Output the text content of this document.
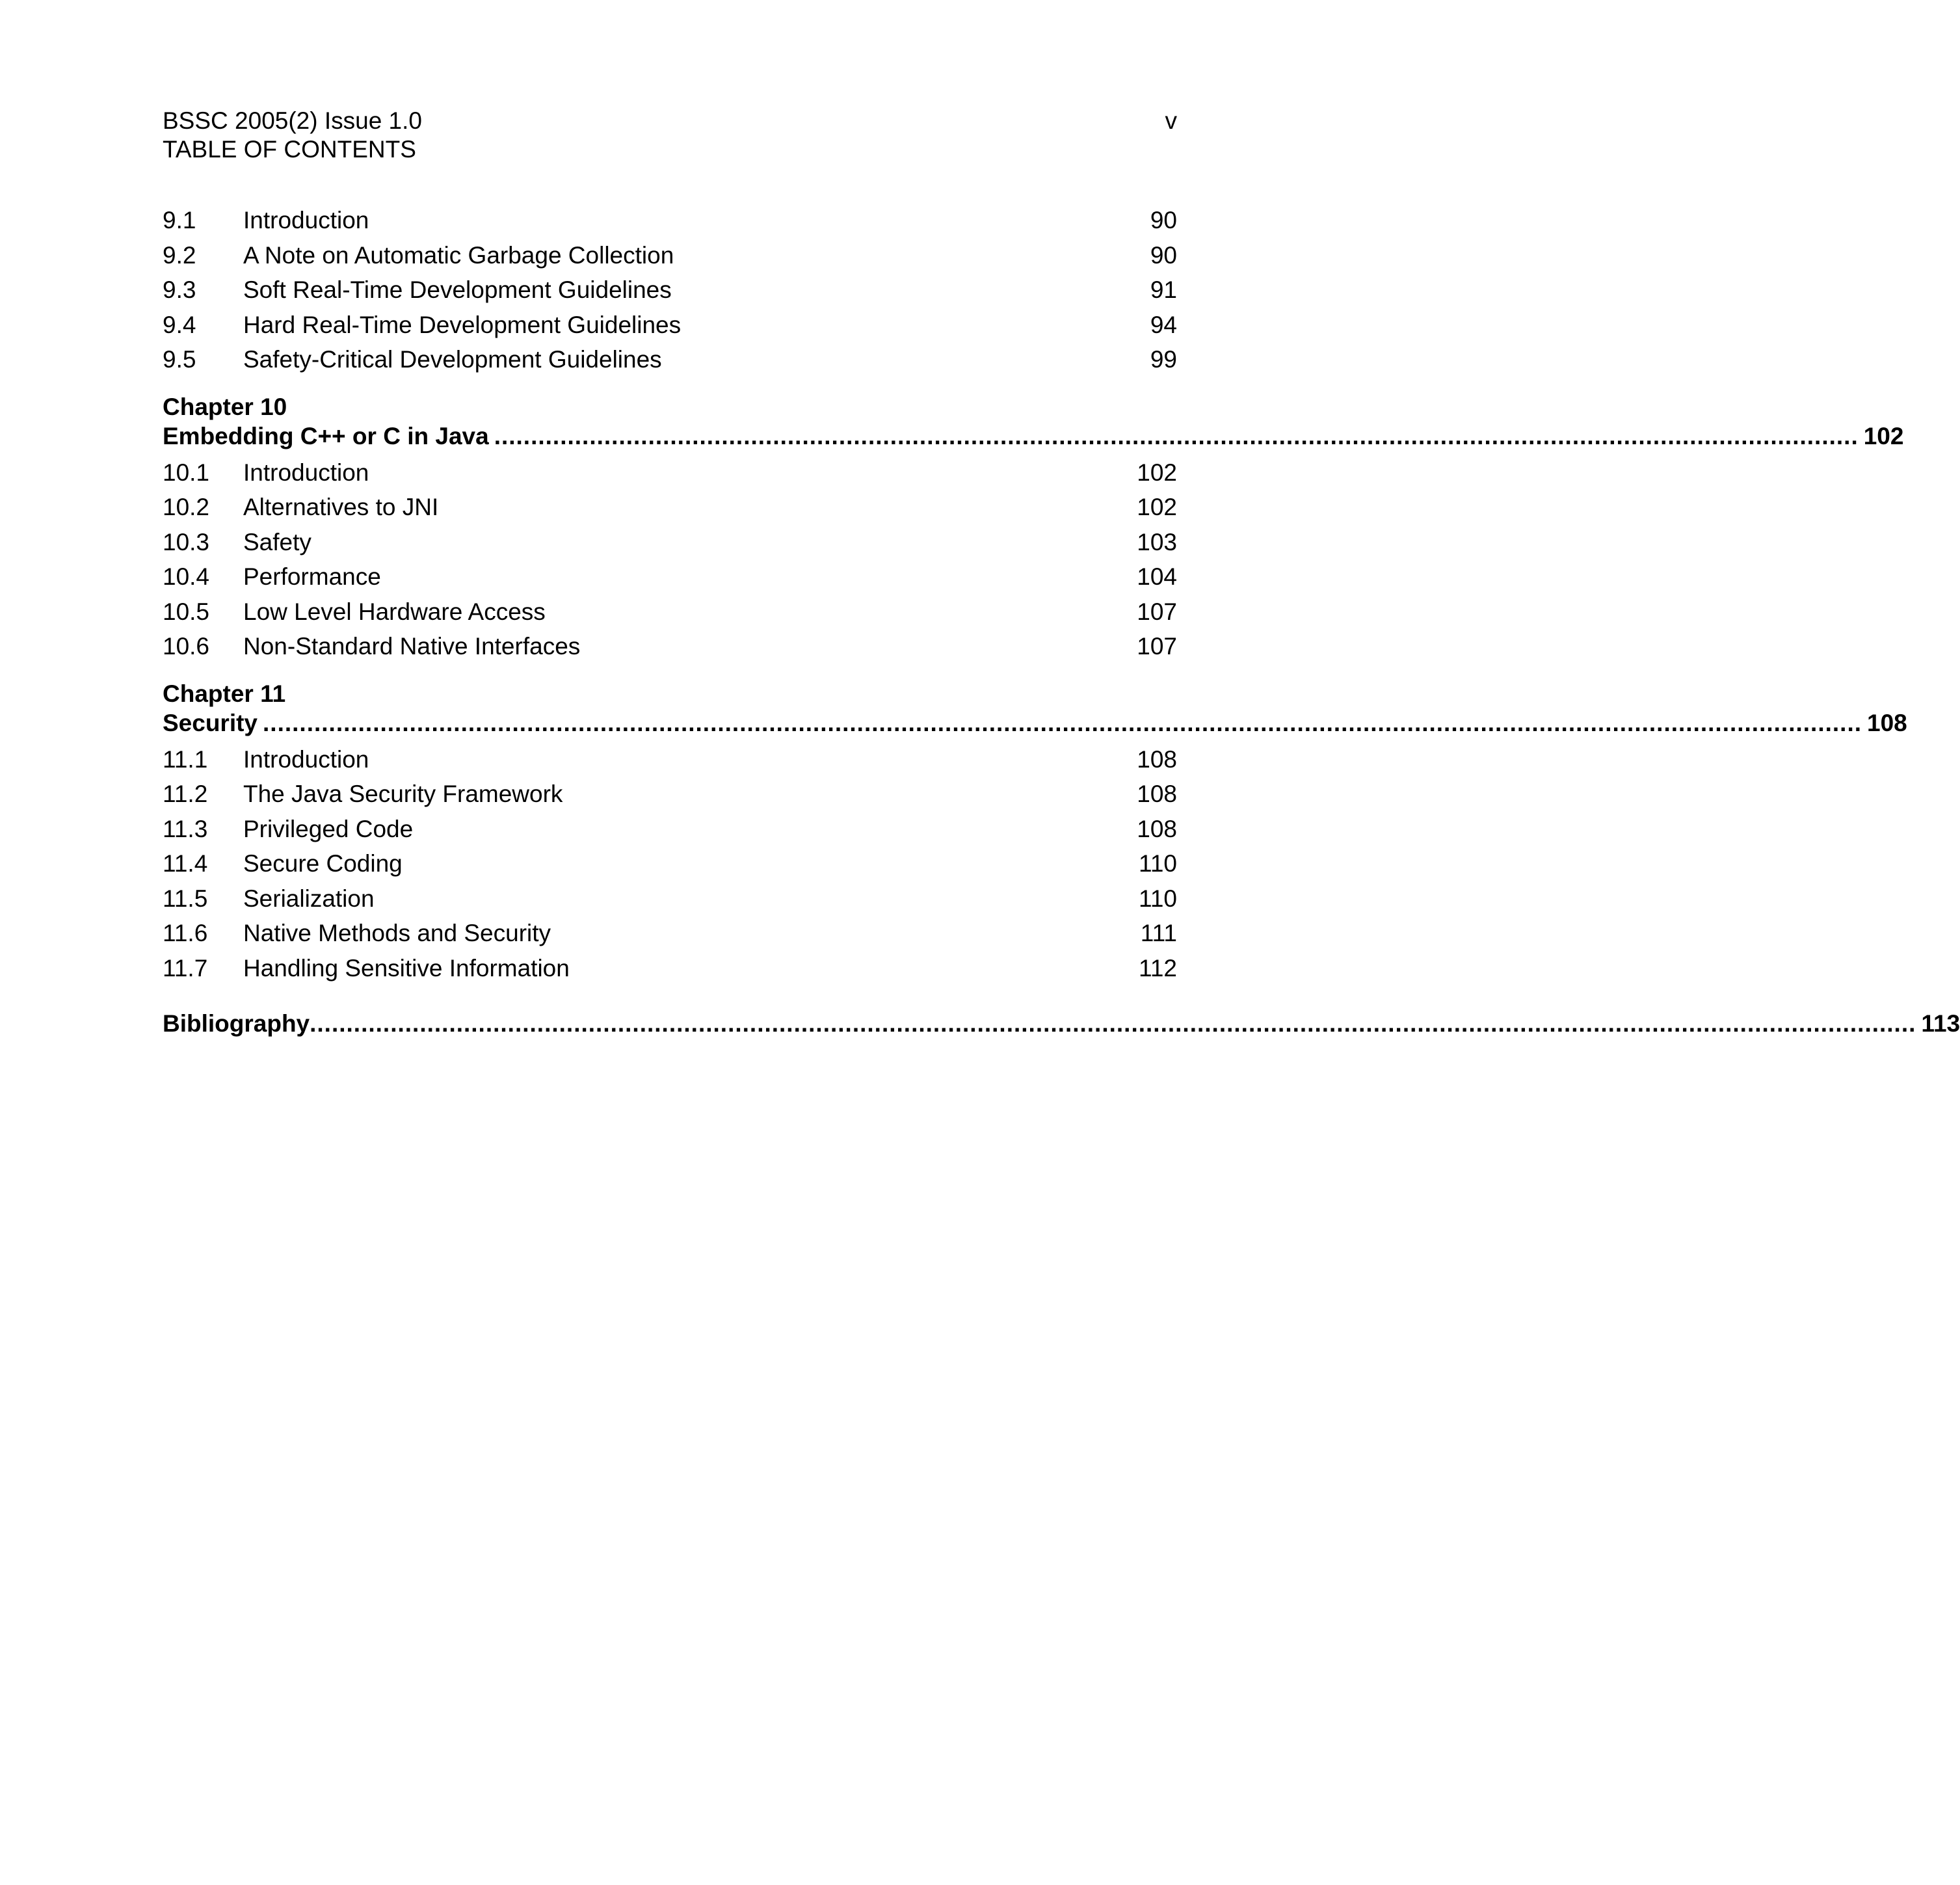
BSSC 2005(2) Issue 1.0
TABLE OF CONTENTS
v
9.1	Introduction	90
9.2	A Note on Automatic Garbage Collection	90
9.3	Soft Real-Time Development Guidelines	91
9.4	Hard Real-Time Development Guidelines	94
9.5	Safety-Critical Development Guidelines	99
Chapter 10
Embedding C++ or C in Java .......................................................................................................................................................................................... 102
10.1	Introduction	102
10.2	Alternatives to JNI	102
10.3	Safety	103
10.4	Performance	104
10.5	Low Level Hardware Access	107
10.6	Non-Standard Native Interfaces	107
Chapter 11
Security .......................................................................................................................................................................................................................... 108
11.1	Introduction	108
11.2	The Java Security Framework	108
11.3	Privileged Code	108
11.4	Secure Coding	110
11.5	Serialization	110
11.6	Native Methods and Security	111
11.7	Handling Sensitive Information	112
Bibliography ........................................................................................................................................................................................................................... 113
